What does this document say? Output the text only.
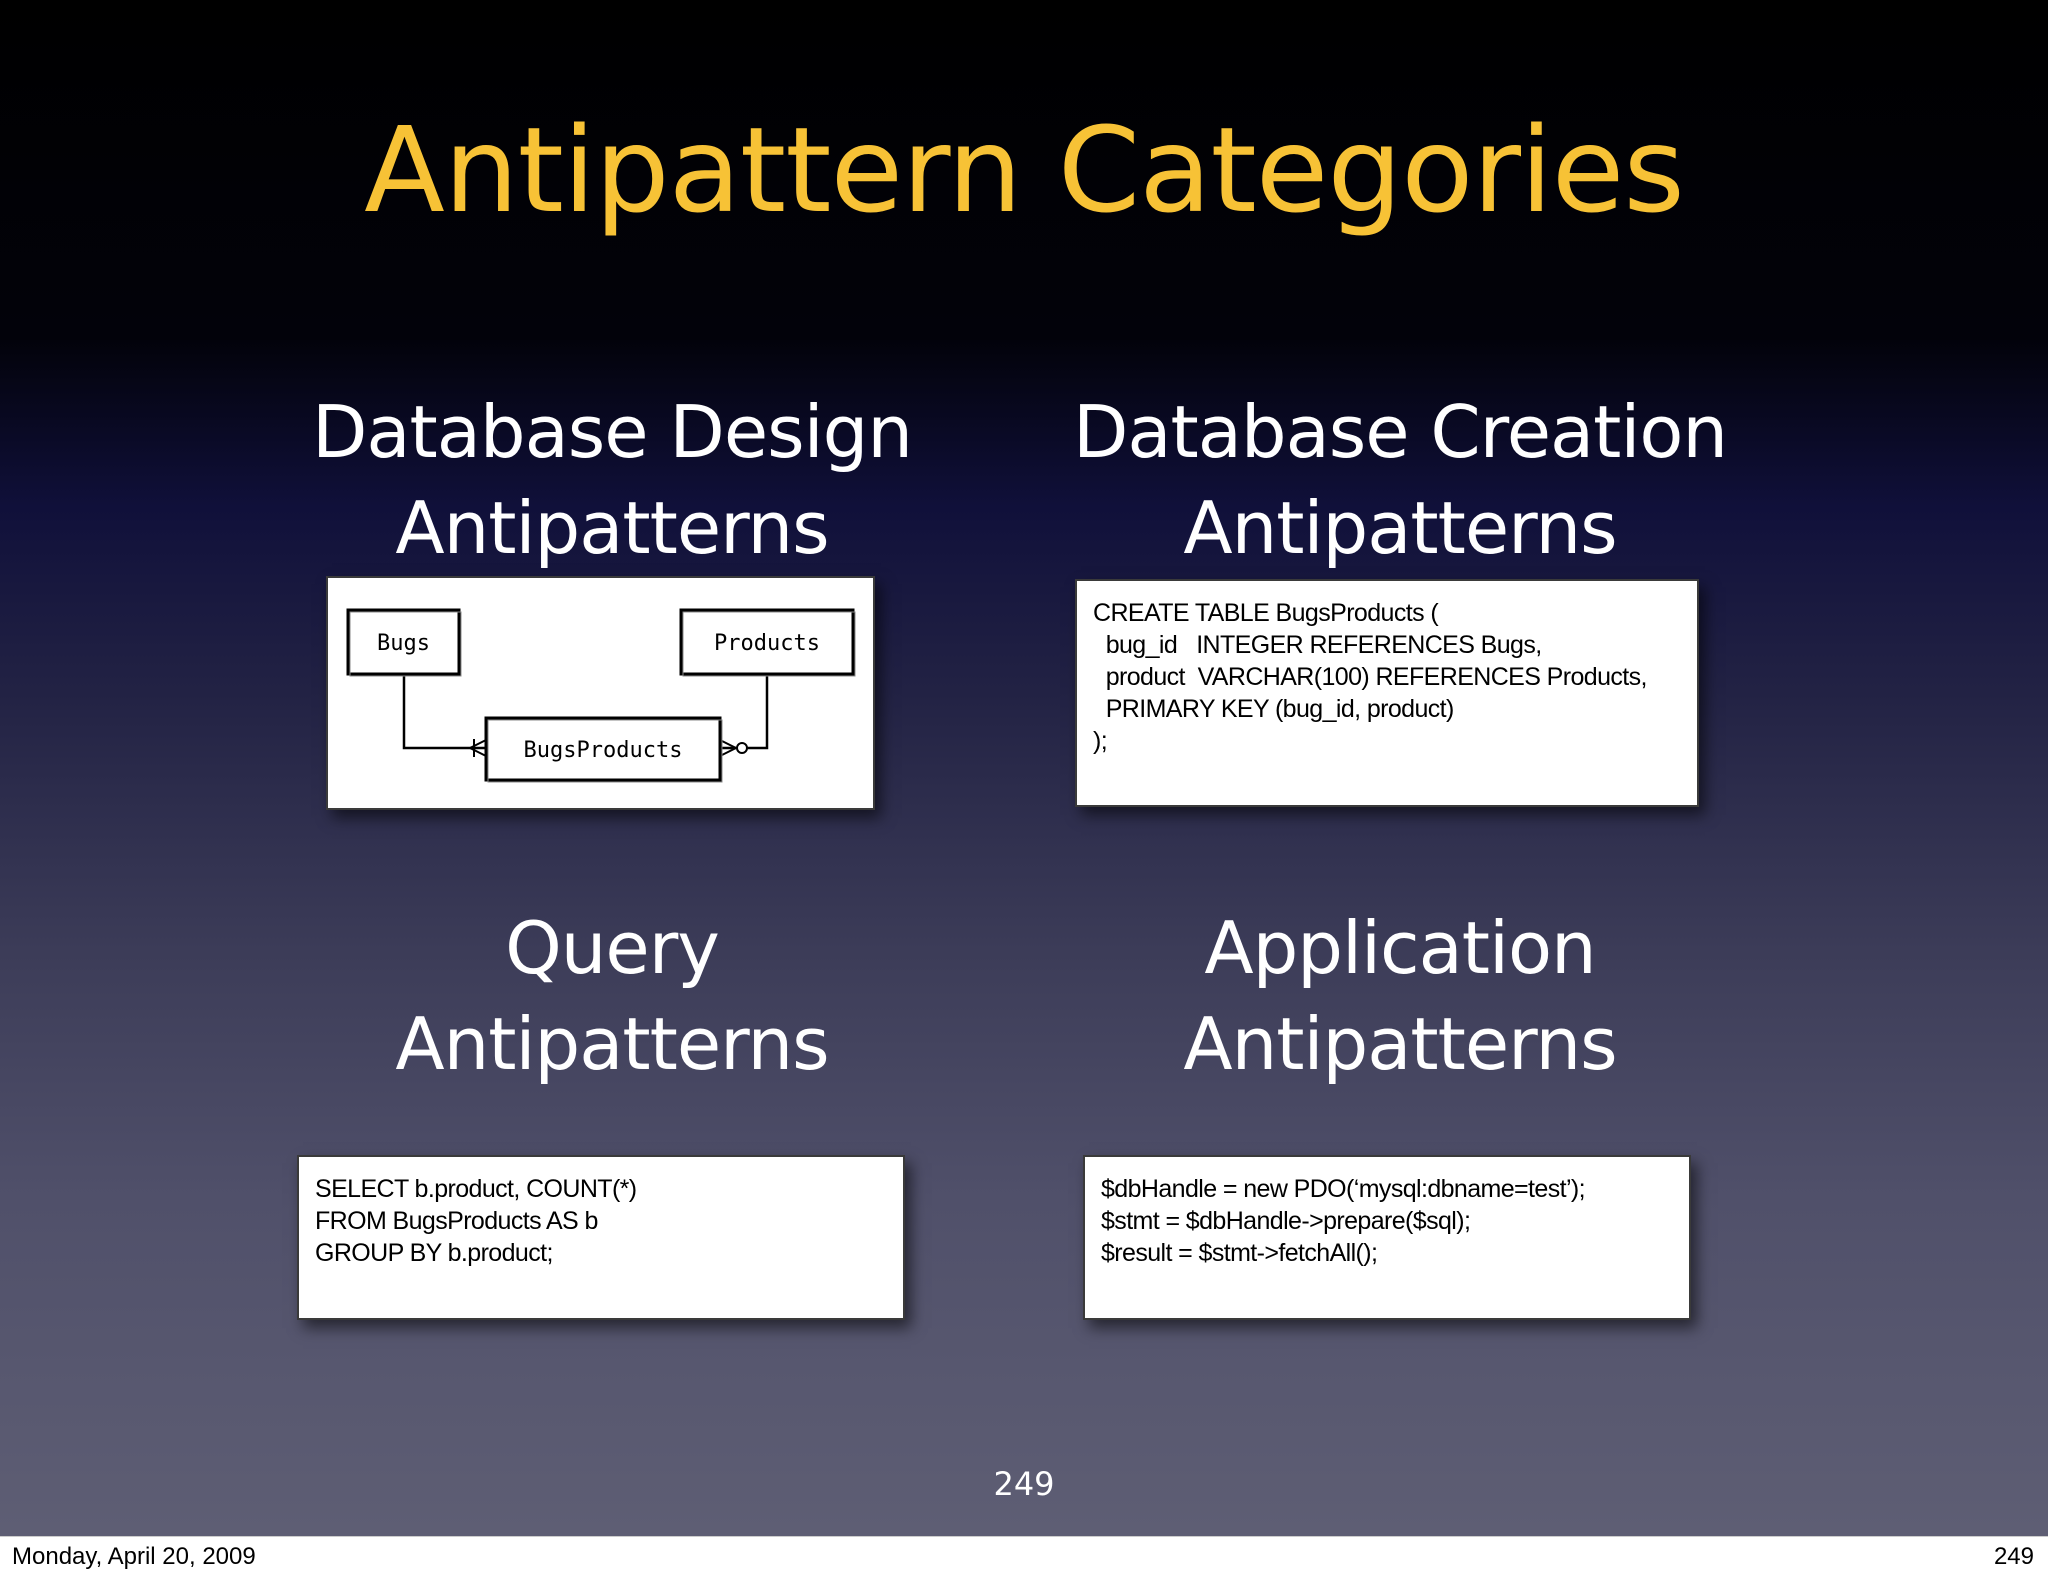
Antipattern Categories
Database Design
Antipatterns
Bugs	Products
BugsProducts
Database Creation
Antipatterns
CREATE TABLE BugsProducts (
bug_id   INTEGER REFERENCES Bugs,
product  VARCHAR(100) REFERENCES Products,
PRIMARY KEY (bug_id, product)
);
Query
Antipatterns
SELECT b.product, COUNT(*)
FROM BugsProducts AS b
GROUP BY b.product;
Application
Antipatterns
$dbHandle = new PDO(‘mysql:dbname=test’);
$stmt = $dbHandle->prepare($sql);
$result = $stmt->fetchAll();
249
Monday, April 20, 2009	249
